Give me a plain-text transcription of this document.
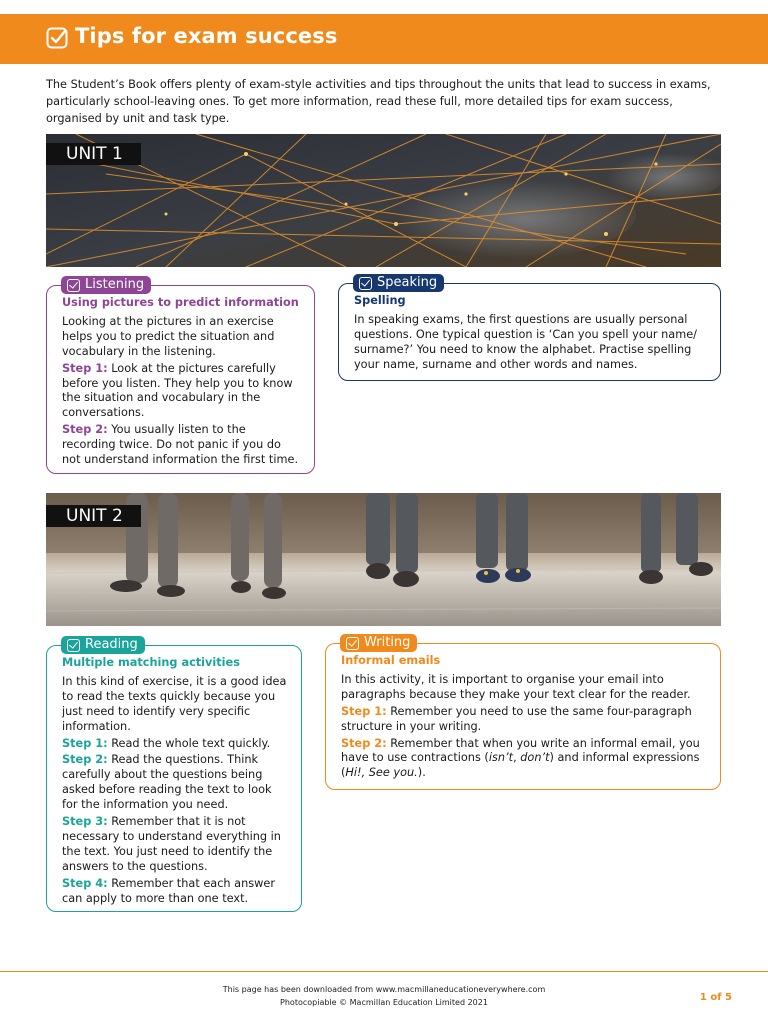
Tips for exam success
The Student’s Book offers plenty of exam-style activities and tips throughout the units that lead to success in exams, particularly school-leaving ones. To get more information, read these full, more detailed tips for exam success, organised by unit and task type.
UNIT 1
Listening
Using pictures to predict information

Looking at the pictures in an exercise helps you to predict the situation and vocabulary in the listening.

Step 1: Look at the pictures carefully before you listen. They help you to know the situation and vocabulary in the conversations.

Step 2: You usually listen to the recording twice. Do not panic if you do not understand information the first time.

Speaking
Spelling

In speaking exams, the first questions are usually personal questions. One typical question is ‘Can you spell your name/ surname?’ You need to know the alphabet. Practise spelling your name, surname and other words and names.

UNIT 2
Reading
Multiple matching activities

In this kind of exercise, it is a good idea to read the texts quickly because you just need to identify very specific information.

Step 1: Read the whole text quickly.

Step 2: Read the questions. Think carefully about the questions being asked before reading the text to look for the information you need.

Step 3: Remember that it is not necessary to understand everything in the text. You just need to identify the answers to the questions.

Step 4: Remember that each answer can apply to more than one text.

Writing
Informal emails

In this activity, it is important to organise your email into paragraphs because they make your text clear for the reader.

Step 1: Remember you need to use the same four-paragraph structure in your writing.

Step 2: Remember that when you write an informal email, you have to use contractions (isn’t, don’t) and informal expressions (Hi!, See you.).

This page has been downloaded from www.macmillaneducationeverywhere.com
Photocopiable © Macmillan Education Limited 2021	1 of 5
